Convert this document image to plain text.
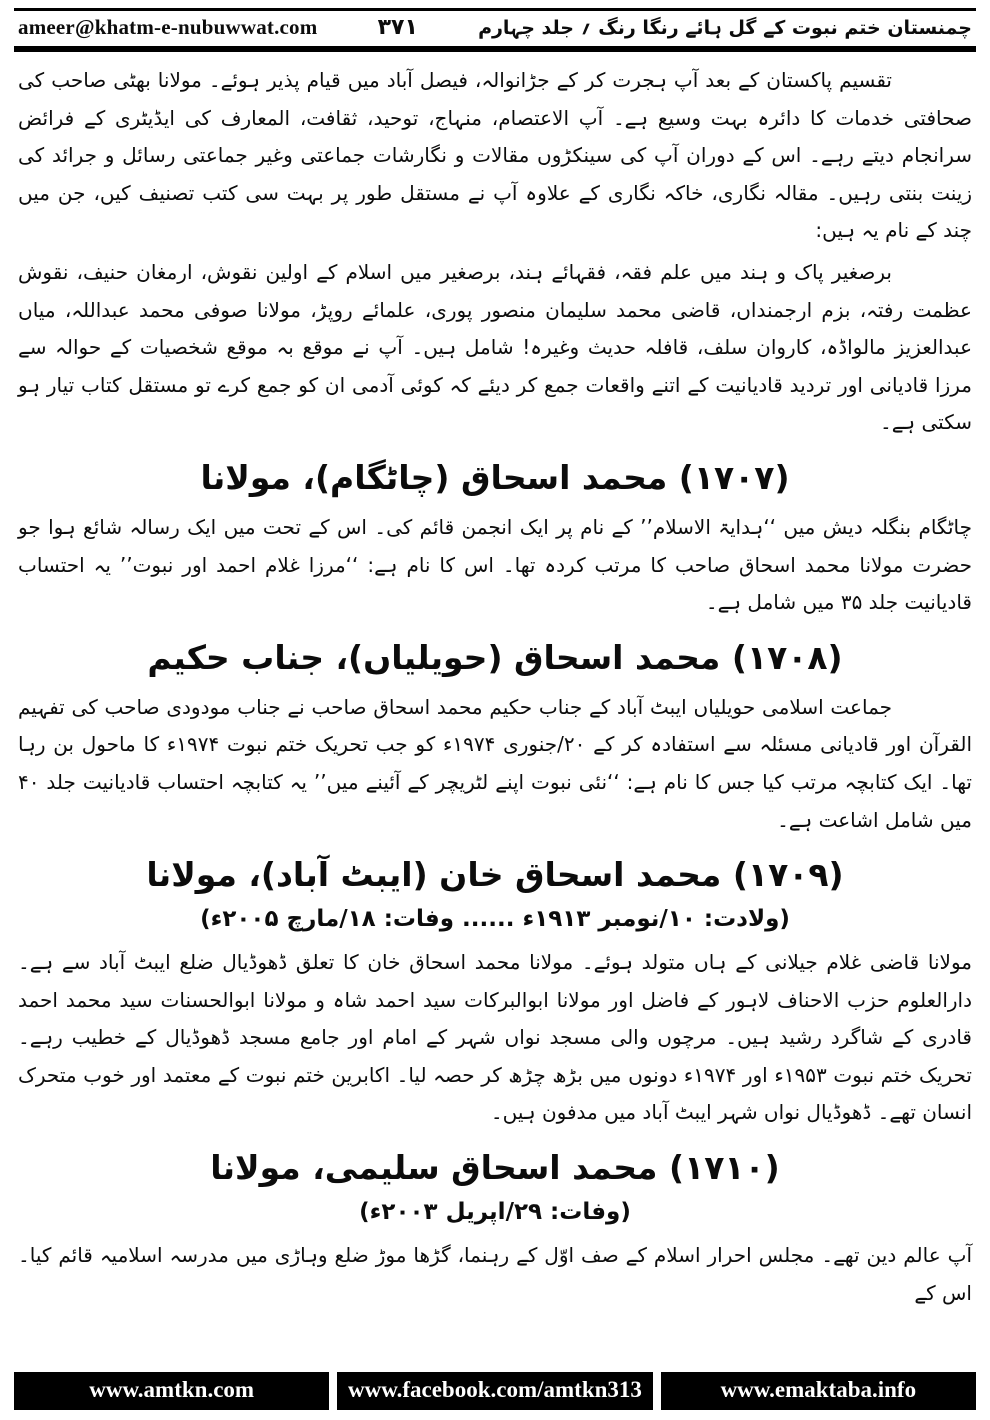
ameer@khatm-e-nubuwwat.com	۳۷۱	چمنستان ختم نبوت کے گل ہائے رنگا رنگ ؍ جلد چہارم

تقسیم پاکستان کے بعد آپ ہجرت کر کے جڑانوالہ، فیصل آباد میں قیام پذیر ہوئے۔ مولانا بھٹی صاحب کی صحافتی خدمات کا دائرہ بہت وسیع ہے۔ آپ الاعتصام، منہاج، توحید، ثقافت، المعارف کی ایڈیٹری کے فرائض سرانجام دیتے رہے۔ اس کے دوران آپ کی سینکڑوں مقالات و نگارشات جماعتی وغیر جماعتی رسائل و جرائد کی زینت بنتی رہیں۔ مقالہ نگاری، خاکہ نگاری کے علاوہ آپ نے مستقل طور پر بہت سی کتب تصنیف کیں، جن میں چند کے نام یہ ہیں:

برصغیر پاک و ہند میں علم فقہ، فقہائے ہند، برصغیر میں اسلام کے اولین نقوش، ارمغان حنیف، نقوش عظمت رفتہ، بزم ارجمنداں، قاضی محمد سلیمان منصور پوری، علمائے روپڑ، مولانا صوفی محمد عبداللہ، میاں عبدالعزیز مالواڈہ، کاروان سلف، قافلہ حدیث وغیرہ! شامل ہیں۔ آپ نے موقع بہ موقع شخصیات کے حوالہ سے مرزا قادیانی اور تردید قادیانیت کے اتنے واقعات جمع کر دیئے کہ کوئی آدمی ان کو جمع کرے تو مستقل کتاب تیار ہو سکتی ہے۔

(۱۷۰۷) محمد اسحاق (چاٹگام)، مولانا

چاٹگام بنگلہ دیش میں ‘‘ہدایۃ الاسلام’’ کے نام پر ایک انجمن قائم کی۔ اس کے تحت میں ایک رسالہ شائع ہوا جو حضرت مولانا محمد اسحاق صاحب کا مرتب کردہ تھا۔ اس کا نام ہے: ‘‘مرزا غلام احمد اور نبوت’’ یہ احتساب قادیانیت جلد ۳۵ میں شامل ہے۔

(۱۷۰۸) محمد اسحاق (حویلیاں)، جناب حکیم

جماعت اسلامی حویلیاں ایبٹ آباد کے جناب حکیم محمد اسحاق صاحب نے جناب مودودی صاحب کی تفہیم القرآن اور قادیانی مسئلہ سے استفادہ کر کے ۲۰/جنوری ۱۹۷۴ء کو جب تحریک ختم نبوت ۱۹۷۴ء کا ماحول بن رہا تھا۔ ایک کتابچہ مرتب کیا جس کا نام ہے: ‘‘نئی نبوت اپنے لٹریچر کے آئینے میں’’ یہ کتابچہ احتساب قادیانیت جلد ۴۰ میں شامل اشاعت ہے۔

(۱۷۰۹) محمد اسحاق خان (ایبٹ آباد)، مولانا
(ولادت: ۱۰/نومبر ۱۹۱۳ء ...... وفات: ۱۸/مارچ ۲۰۰۵ء)

مولانا قاضی غلام جیلانی کے ہاں متولد ہوئے۔ مولانا محمد اسحاق خان کا تعلق ڈھوڈیال ضلع ایبٹ آباد سے ہے۔ دارالعلوم حزب الاحناف لاہور کے فاضل اور مولانا ابوالبرکات سید احمد شاہ و مولانا ابوالحسنات سید محمد احمد قادری کے شاگرد رشید ہیں۔ مرچوں والی مسجد نواں شہر کے امام اور جامع مسجد ڈھوڈیال کے خطیب رہے۔ تحریک ختم نبوت ۱۹۵۳ء اور ۱۹۷۴ء دونوں میں بڑھ چڑھ کر حصہ لیا۔ اکابرین ختم نبوت کے معتمد اور خوب متحرک انسان تھے۔ ڈھوڈیال نواں شہر ایبٹ آباد میں مدفون ہیں۔

(۱۷۱۰) محمد اسحاق سلیمی، مولانا
(وفات: ۲۹/اپریل ۲۰۰۳ء)

آپ عالم دین تھے۔ مجلس احرار اسلام کے صف اوّل کے رہنما، گڑھا موڑ ضلع وہاڑی میں مدرسہ اسلامیہ قائم کیا۔ اس کے

www.amtkn.com	www.facebook.com/amtkn313	www.emaktaba.info
